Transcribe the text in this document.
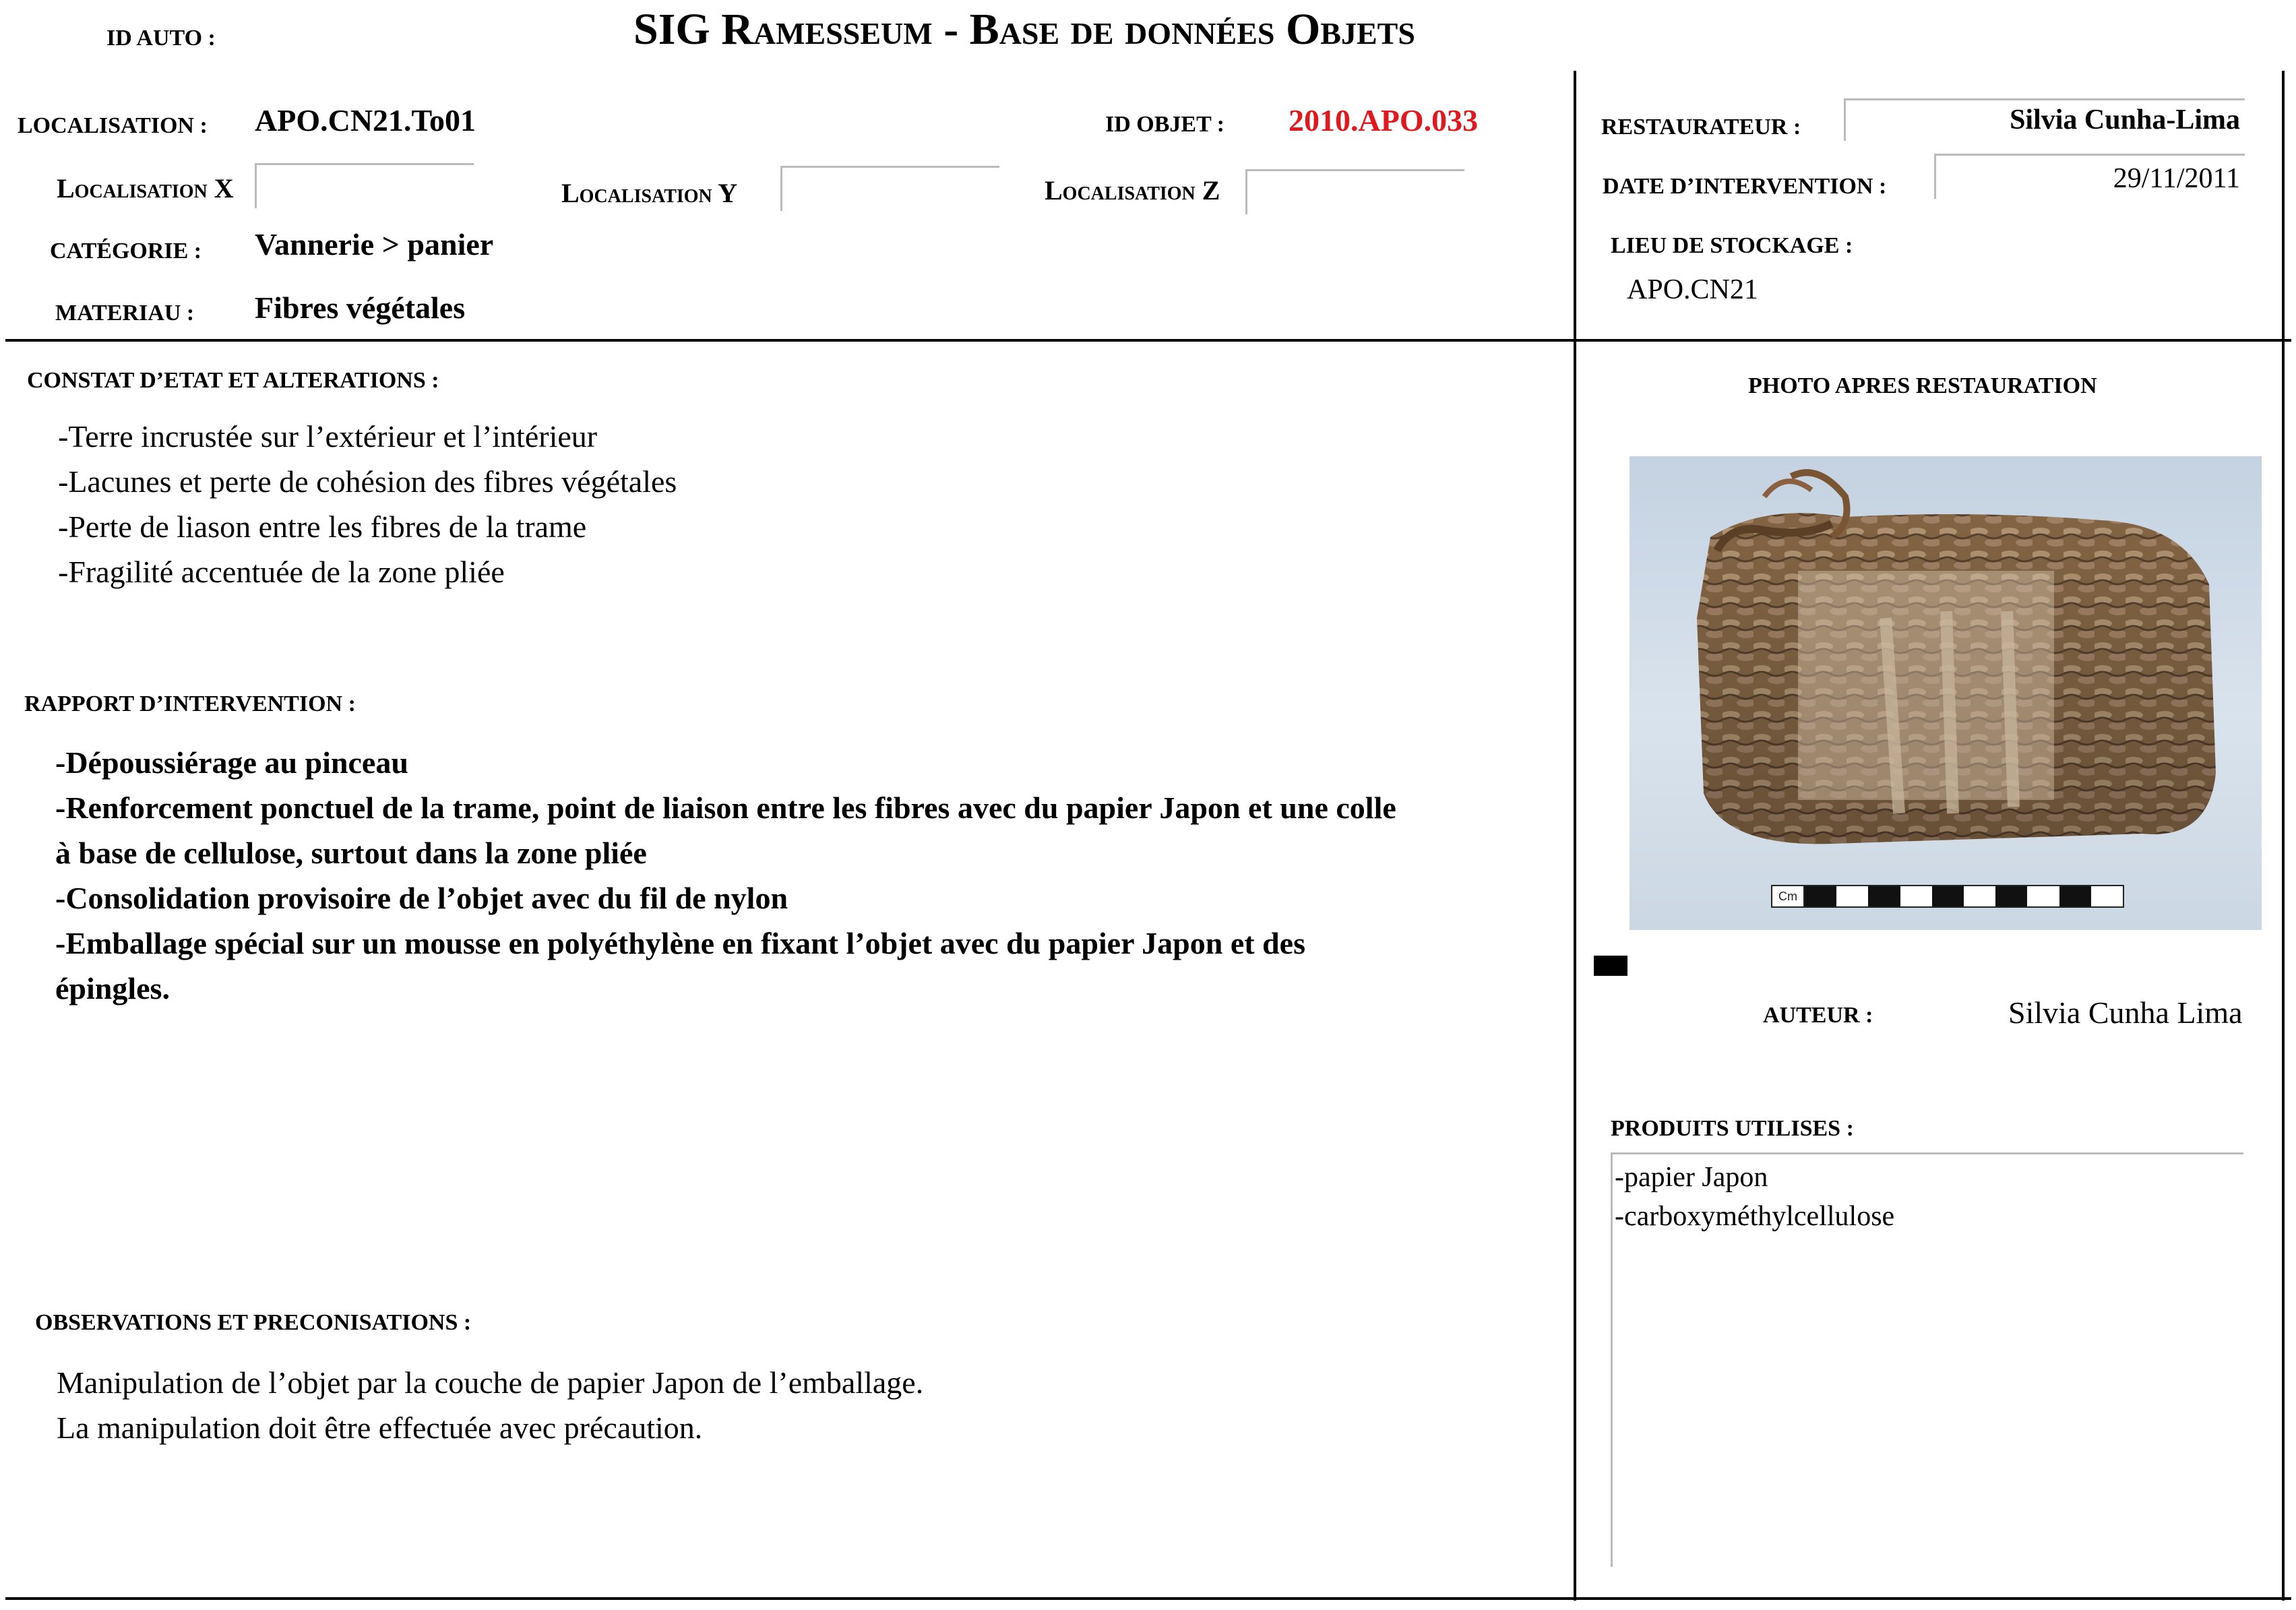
ID AUTO :	SIG Ramesseum - Base de données Objets
LOCALISATION : APO.CN21.To01	ID OBJET : 2010.APO.033
Localisation X	Localisation Y	Localisation Z
CATÉGORIE : Vannerie > panier
MATERIAU : Fibres végétales
RESTAURATEUR :	Silvia Cunha-Lima
DATE D’INTERVENTION :	29/11/2011
LIEU DE STOCKAGE :
APO.CN21
CONSTAT D’ETAT ET ALTERATIONS :
-Terre incrustée sur l’extérieur et l’intérieur
-Lacunes et perte de cohésion des fibres végétales
-Perte de liason entre les fibres de la trame
-Fragilité accentuée de la zone pliée
RAPPORT D’INTERVENTION :
-Dépoussiérage au pinceau
-Renforcement ponctuel de la trame, point de liaison entre les fibres avec du papier Japon et une colle
à base de cellulose, surtout dans la zone pliée
-Consolidation provisoire de l’objet avec du fil de nylon
-Emballage spécial sur un mousse en polyéthylène en fixant l’objet avec du papier Japon et des
épingles.
OBSERVATIONS ET PRECONISATIONS :
Manipulation de l’objet par la couche de papier Japon de l’emballage.
La manipulation doit être effectuée avec précaution.
PHOTO APRES RESTAURATION
Cm
AUTEUR :	Silvia Cunha Lima
PRODUITS UTILISES :
-papier Japon
-carboxyméthylcellulose
